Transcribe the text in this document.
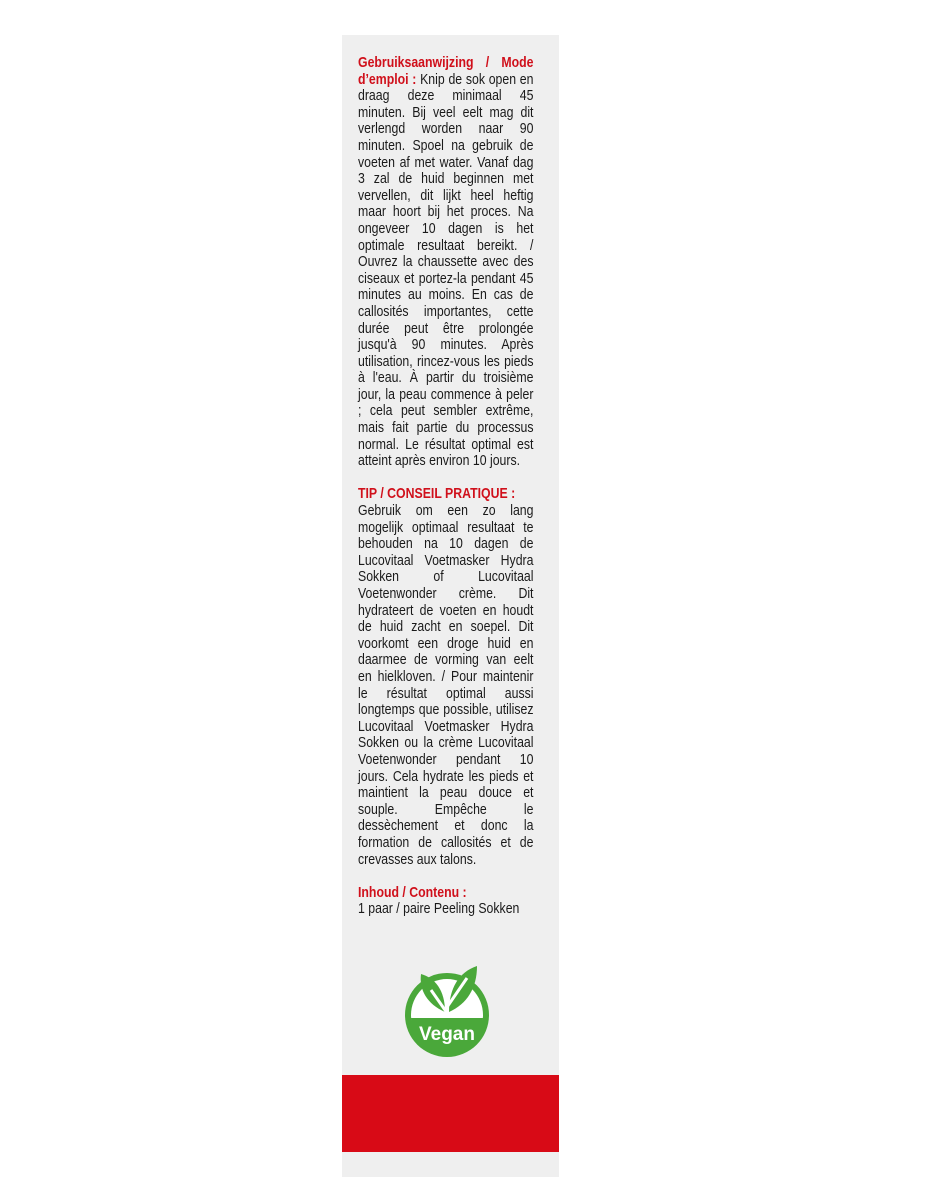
Gebruiksaanwijzing / Mode d’emploi : Knip de sok open en draag deze minimaal 45 minuten. Bij veel eelt mag dit verlengd worden naar 90 minuten. Spoel na gebruik de voeten af met water. Vanaf dag 3 zal de huid beginnen met vervellen, dit lijkt heel heftig maar hoort bij het proces. Na ongeveer 10 dagen is het optimale resultaat bereikt. / Ouvrez la chaussette avec des ciseaux et portez-la pendant 45 minutes au moins. En cas de callosités importantes, cette durée peut être prolongée jusqu'à 90 minutes. Après utilisation, rincez-vous les pieds à l'eau. À partir du troisième jour, la peau commence à peler ; cela peut sembler extrême, mais fait partie du processus normal. Le résultat optimal est atteint après environ 10 jours.

TIP / CONSEIL PRATIQUE :

Gebruik om een zo lang mogelijk optimaal resultaat te behouden na 10 dagen de Lucovitaal Voetmasker Hydra Sokken of Lucovitaal Voetenwonder crème. Dit hydrateert de voeten en houdt de huid zacht en soepel. Dit voorkomt een droge huid en daarmee de vorming van eelt en hielkloven. / Pour maintenir le résultat optimal aussi longtemps que possible, utilisez Lucovitaal Voetmasker Hydra Sokken ou la crème Lucovitaal Voetenwonder pendant 10 jours. Cela hydrate les pieds et maintient la peau douce et souple. Empêche le dessèchement et donc la formation de callosités et de crevasses aux talons.

Inhoud / Contenu :
1 paar / paire Peeling Sokken

Vegan
